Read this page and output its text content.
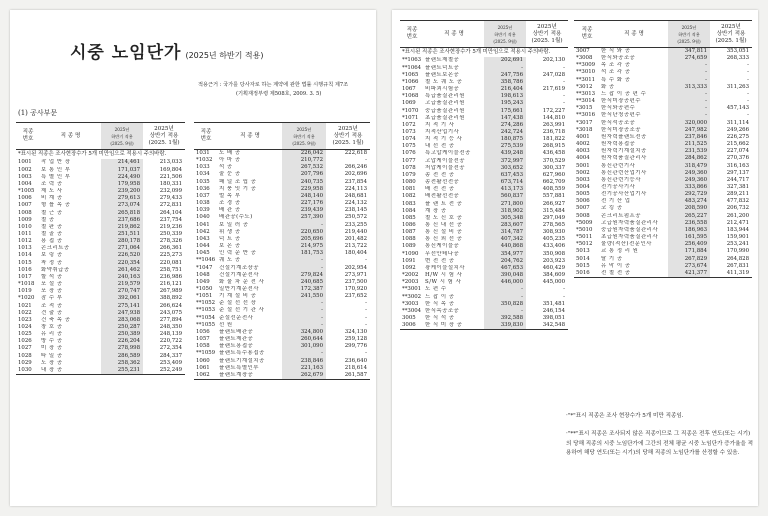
시중 노임단가 (2025년 하반기 적용)
적용근거 : 국가를 당사자로 하는 계약에 관한 법률 시행규칙 제7조
(기획재정부령 제508호, 2009. 3. 5)
(1) 공사부문
직종
번호	직 종 명	2025년
하반기 적용
(2025. 9월)	2025년
상반기 적용
(2025. 1월)
*표시된 직종은 조사현장수가 5개 미만임으로 적용시 주의바람.			
1001	작 업 반 장	214,461	213,033
1002	보 통 인 부	171,037	169,804
1003	특 별 인 부	224,490	221,506
1004	조 력 공	179,958	180,331
*1005	제 도 사	239,200	232,099
1006	비 계 공	279,613	279,433
1007	형 틀 목 공	273,074	272,831
1008	철 근 공	265,818	264,104
1009	철 공	237,686	237,754
1010	철 판 공	219,862	219,236
1011	철 골 공	251,511	250,339
1012	용 접 공	280,178	278,326
1013	콘크리트공	271,064	266,361
1014	보 링 공	226,520	225,273
1015	착 정 공	220,354	220,081
1016	화약취급공	261,462	258,751
1017	할 석 공	240,163	236,986
*1018	포 설 공	219,579	216,121
1019	포 장 공	270,747	267,989
*1020	잠 수 부	392,061	388,892
1021	조 적 공	275,141	266,624
1022	견 출 공	247,938	243,075
1023	건 축 목 공	283,068	277,894
1024	창 호 공	250,287	248,350
1025	유 리 공	250,389	248,139
1026	방 수 공	226,204	220,722
1027	미 장 공	278,998	272,354
1028	타 일 공	286,589	284,337
1029	도 장 공	258,362	253,409
1030	내 장 공	255,231	252,249
직종
번호	직 종 명	2025년
하반기 적용
(2025. 9월)	2025년
상반기 적용
(2025. 1월)
1031	도 배 공	226,042	222,618
*1032	아 마 공	210,772	-
1033	석 공	267,532	266,246
1034	줄 눈 공	207,796	202,696
1035	패 널 조 립 공	240,735	237,854
1036	지 붕 잇 기 공	229,958	224,113
1037	벌 목 부	248,140	248,681
1038	조 경 공	227,176	224,132
1039	배 관 공	239,439	238,145
1040	배관공(수도)	257,390	250,572
1041	보 일 러 공	-	233,255
1042	위 생 공	220,650	219,440
1043	덕 트 공	205,696	201,482
1044	보 온 공	214,975	213,722
1045	인 력 운 반 공	181,753	180,404
**1046	궤 도 공	-	-
*1047	건설기계조장공	-	202,954
1048	건설기계운전사	279,824	273,971
1049	화 물 차 운 전 사	240,685	237,500
*1050	일반기계운전사	172,387	170,920
*1051	기 계 설 비 공	241,550	237,652
**1052	준 설 선 선 장	-	-
**1053	준 설 선 기 관 사	-	-
**1054	준설선운전사	-	-
**1055	선 원	-	-
1056	플랜트배관공	324,800	324,130
1057	플랜트제관공	260,644	259,128
1058	플랜트용접공	301,090	299,776
**1059	플랜트특수용접공	-	-
1060	플랜트기계설치공	238,846	236,640
1061	플랜트특별인부	221,163	218,614
1062	플랜트계장공	262,679	261,587
직종
번호	직 종 명	2025년
하반기 적용
(2025. 9월)	2025년
상반기 적용
(2025. 1월)
*표시된 직종은 조사현장수가 5개 미만임으로 적용시 주의바람.			
**1063	플랜트제철공	202,691	202,130
**1064	플랜트덕트공	-	-
*1065	플랜트보온공	247,756	247,028
*1066	철 도 궤 도 공	358,786	-
1067	비파괴시험공	216,404	217,619
*1068	특급품질관리원	198,613	-
1069	고급품질관리원	195,243	-
*1070	중급품질관리원	175,661	172,227
*1071	초급품질관리원	147,438	144,810
1072	지 적 기 사	274,286	263,991
1073	지적산업기사	242,724	236,718
1074	지 적 기 능 사	180,875	181,822
1075	내 선 전 공	275,539	268,915
1076	특고압케이블전공	439,248	436,458
1077	고압케이블전공	372,997	370,529
1078	저압케이블전공	303,652	300,337
1079	송 전 전 공	637,453	627,960
1080	송전활선전공	673,714	662,709
1081	배 전 전 공	413,173	408,559
1082	배전활선전공	560,837	557,881
1083	플 랜 트 전 공	271,800	266,927
1084	계 장 공	318,902	315,484
1085	철 도 신 호 공	305,348	297,049
1086	통 신 내 선 공	283,607	278,565
1087	통 신 설 비 공	314,787	308,930
1088	통 신 외 선 공	407,342	405,235
1089	통신케이블공	440,868	433,406
*1090	무선안테나공	354,977	350,908
1091	변 전 전 공	204,762	203,923
1092	광케이블설치사	467,653	460,429
*2002	H/W 시 험 사	390,048	384,609
*2003	S/W 시 험 사	446,000	445,000
**3001	도 편 수	-	-
**3002	드 잡 이 공	-	-
*3003	한 식 목 공	350,828	351,481
**3004	한식목공조공	-	246,154
3005	한 식 석 공	392,588	398,051
3006	한 식 미 장 공	339,830	342,548
직종
번호	직 종 명	2025년
하반기 적용
(2025. 9월)	2025년
상반기 적용
(2025. 1월)
3007	한 식 와 공	347,811	353,051
*3008	한식와공조공	274,659	268,333
**3009	목 조 각 공	-	-
**3010	석 조 각 공	-	-
**3011	특 수 화 공	-	-
*3012	화 공	313,333	311,263
**3013	드 잡 이 공 편 수	-	-
**3014	한식미장공편수	-	-
*3015	한식와공편수	-	457,143
**3016	한식단청공편수	-	-
*3017	한식석공조공	320,000	311,114
*3018	한식미장공조공	247,982	249,266
4001	원자력플랜트전공	237,846	226,275
4002	원자력용접공	211,525	215,662
4003	원자력기계설치공	231,539	227,074
4004	원자력품질관리사	284,862	270,376
5001	통신관련기사	318,479	316,163
5002	통신관련산업기사	249,360	297,137
5003	통신관련기능사	249,360	244,717
5004	전기공사기사	333,866	327,381
5005	전기공사산업기사	292,729	289,211
5006	전 기 산 업	483,274	477,832
5007	코 킹 공	208,590	206,732
5008	콘크리트펌프공	265,227	261,200
*5009	고급원자력품질관리사	236,558	212,471
*5010	중급원자력품질관리사	186,963	183,944
*5011	초급원자력품질관리사	161,595	159,901
*5012	물량(적산)전문인사	256,409	253,241
5013	교 통 정 리 원	171,884	170,990
5014	탈 기 공	267,829	264,828
5015	유 막 이 공	273,674	267,831
5016	전 철 전 공	421,377	411,319
·"*"표시 직종은 조사 현장수가 5개 미만 직종임.
·"**"표시 직종은 조사되지 않은 직종이므로 그 직종은 전후 연도(또는 시기)의 당해 직종의 시중 노임단가에 그간의 전체 평균 시중 노임단가 증가율을 적용하여 해당 연도(또는 시기)의 당해 직종의 노임단가를 산정할 수 있음.
